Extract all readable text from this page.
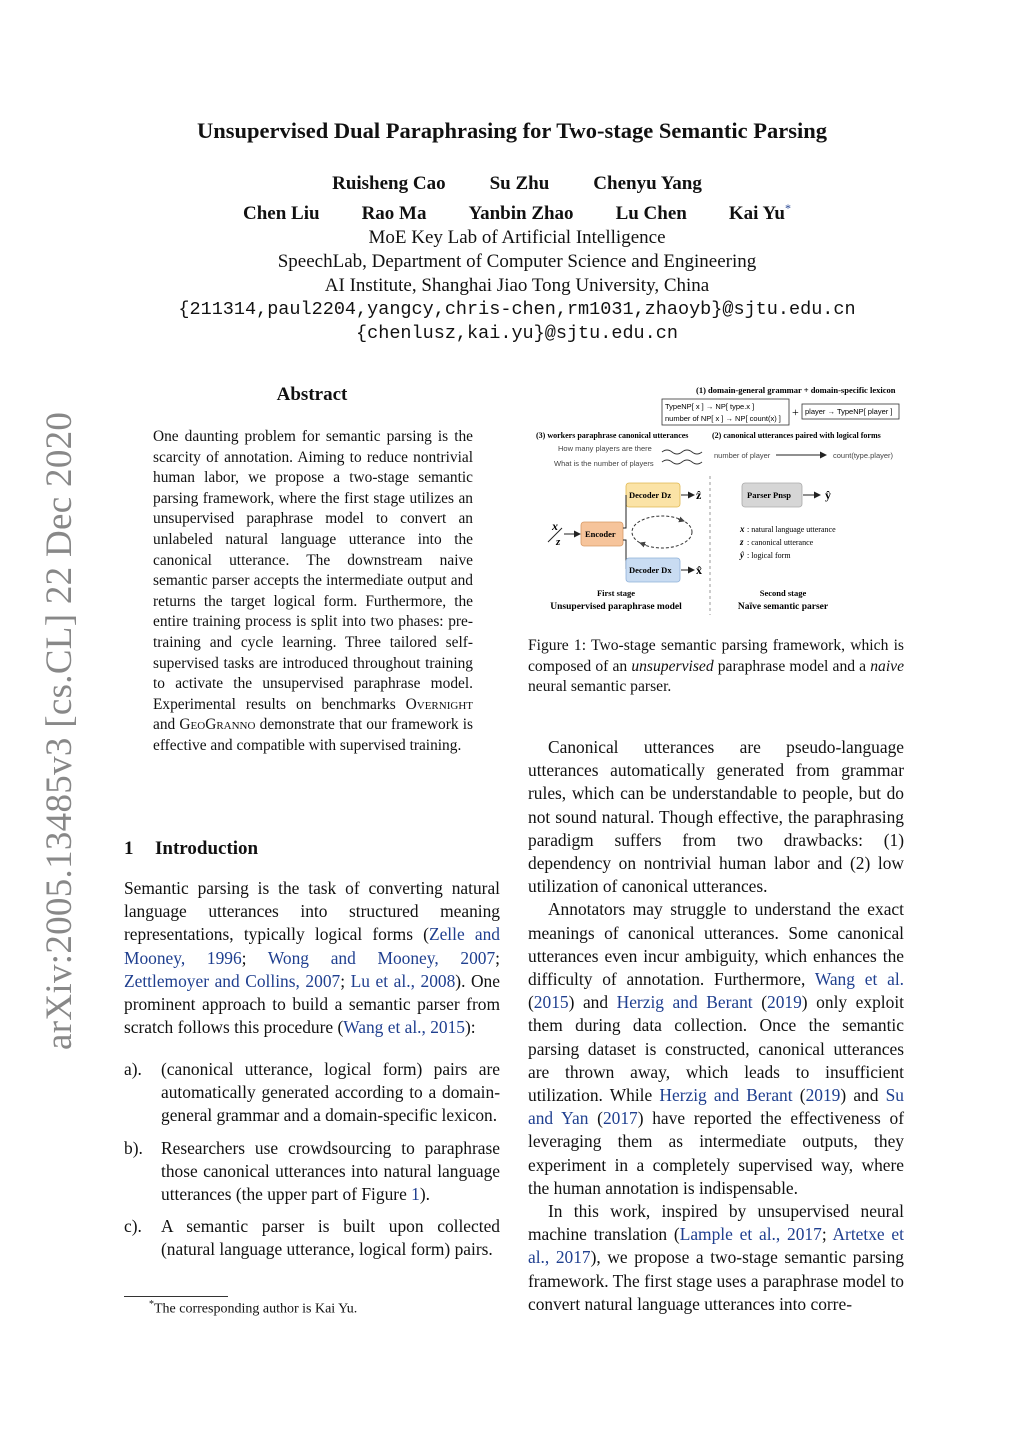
Unsupervised Dual Paraphrasing for Two-stage Semantic Parsing
Ruisheng Cao Su Zhu Chenyu Yang
Chen Liu Rao Ma Yanbin Zhao Lu Chen Kai Yu*
MoE Key Lab of Artificial Intelligence
SpeechLab, Department of Computer Science and Engineering
AI Institute, Shanghai Jiao Tong University, China
{211314,paul2204,yangcy,chris-chen,rm1031,zhaoyb}@sjtu.edu.cn
{chenlusz,kai.yu}@sjtu.edu.cn
arXiv:2005.13485v3 [cs.CL] 22 Dec 2020
Abstract
One daunting problem for semantic parsing is the scarcity of annotation. Aiming to reduce nontrivial human labor, we propose a two-stage semantic parsing framework, where the first stage utilizes an unsupervised paraphrase model to convert an unlabeled natural language utterance into the canonical utterance. The downstream naive semantic parser accepts the intermediate output and returns the target logical form. Furthermore, the entire training process is split into two phases: pre-training and cycle learning. Three tailored self-supervised tasks are introduced throughout training to activate the unsupervised paraphrase model. Experimental results on benchmarks Overnight and GeoGranno demonstrate that our framework is effective and compatible with supervised training.
1 Introduction
Semantic parsing is the task of converting natural language utterances into structured meaning representations, typically logical forms (Zelle and Mooney, 1996; Wong and Mooney, 2007; Zettlemoyer and Collins, 2007; Lu et al., 2008). One prominent approach to build a semantic parser from scratch follows this procedure (Wang et al., 2015):
a).	(canonical utterance, logical form) pairs are automatically generated according to a domain-general grammar and a domain-specific lexicon.
b).	Researchers use crowdsourcing to paraphrase those canonical utterances into natural language utterances (the upper part of Figure 1).
c).	A semantic parser is built upon collected (natural language utterance, logical form) pairs.
*The corresponding author is Kai Yu.
(1) domain-general grammar + domain-specific lexicon
TypeNP[ x ] → NP[ type.x ]
number of NP[ x ] → NP[ count(x) ] + player → TypeNP[ player ]
(3) workers paraphrase canonical utterances	(2) canonical utterances paired with logical forms
How many players are there
What is the number of players
number of player	count(type.player)
Decoder Dz ẑ
x
z
Encoder
Decoder Dx x̂
Parser Pnsp	ŷ
x : natural language utterance
z : canonical utterance
ŷ : logical form
First stage
Unsupervised paraphrase model
Second stage
Naïve semantic parser
Figure 1: Two-stage semantic parsing framework, which is composed of an unsupervised paraphrase model and a naive neural semantic parser.

Canonical utterances are pseudo-language utterances automatically generated from grammar rules, which can be understandable to people, but do not sound natural. Though effective, the paraphrasing paradigm suffers from two drawbacks: (1) dependency on nontrivial human labor and (2) low utilization of canonical utterances.

Annotators may struggle to understand the exact meanings of canonical utterances. Some canonical utterances even incur ambiguity, which enhances the difficulty of annotation. Furthermore, Wang et al. (2015) and Herzig and Berant (2019) only exploit them during data collection. Once the semantic parsing dataset is constructed, canonical utterances are thrown away, which leads to insufficient utilization. While Herzig and Berant (2019) and Su and Yan (2017) have reported the effectiveness of leveraging them as intermediate outputs, they experiment in a completely supervised way, where the human annotation is indispensable.

In this work, inspired by unsupervised neural machine translation (Lample et al., 2017; Artetxe et al., 2017), we propose a two-stage semantic parsing framework. The first stage uses a paraphrase model to convert natural language utterances into corre-
